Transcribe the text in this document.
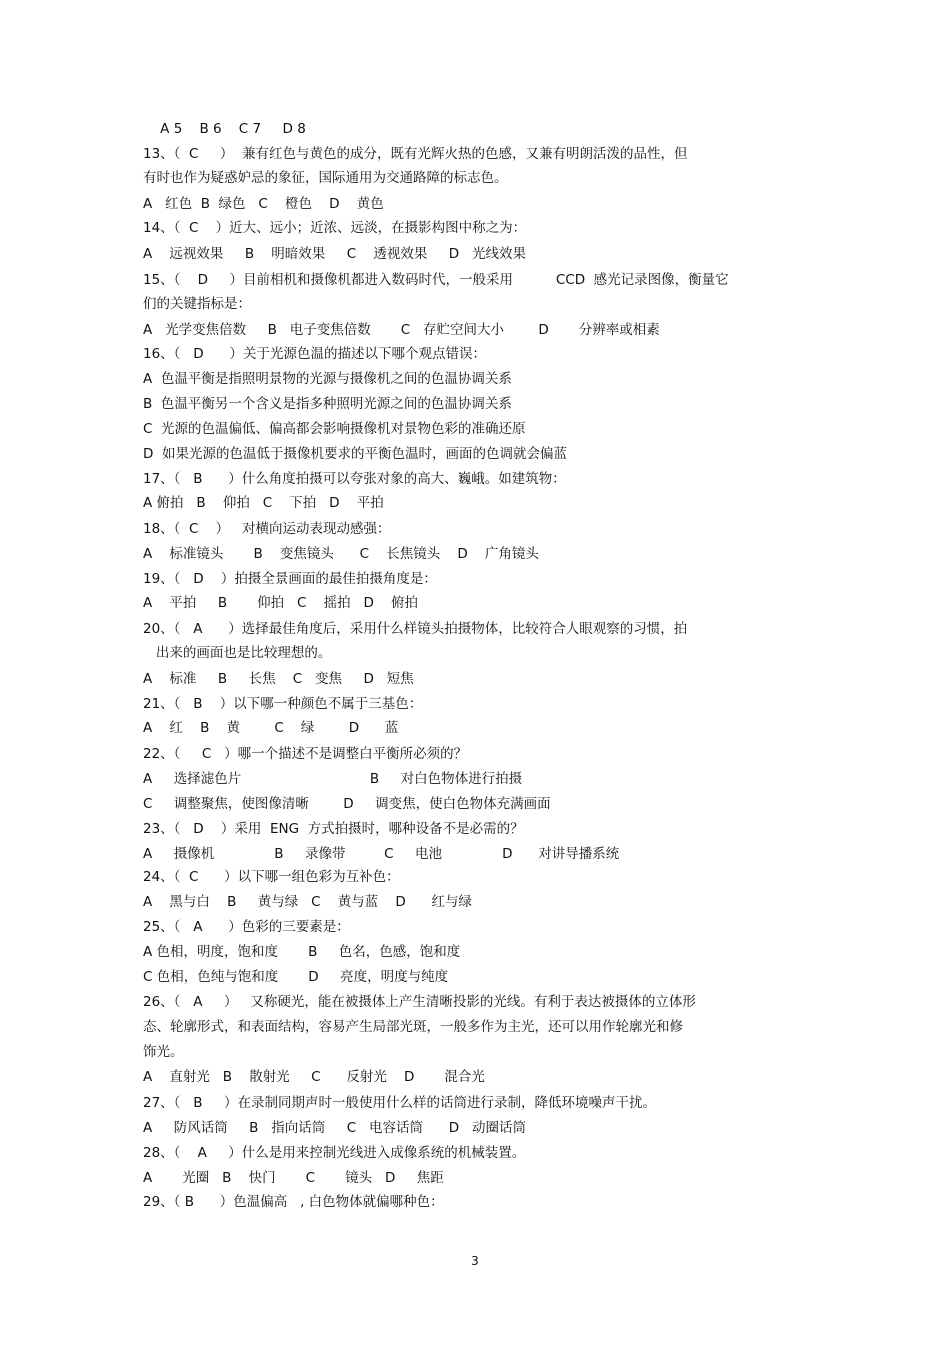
A 5    B 6    C 7     D 8

13、（  C     ）  兼有红色与黄色的成分，既有光辉火热的色感，又兼有明朗活泼的品性，但

有时也作为疑惑妒忌的象征，国际通用为交通路障的标志色。

A   红色  B  绿色   C    橙色    D    黄色

14、（  C    ）近大、远小；近浓、远淡，在摄影构图中称之为：

A    远视效果     B    明暗效果     C    透视效果     D   光线效果

15、（    D     ）目前相机和摄像机都进入数码时代，一般采用          CCD  感光记录图像，衡量它

们的关键指标是：

A   光学变焦倍数     B   电子变焦倍数       C   存贮空间大小        D       分辨率或相素

16、（   D      ）关于光源色温的描述以下哪个观点错误：

A  色温平衡是指照明景物的光源与摄像机之间的色温协调关系

B  色温平衡另一个含义是指多种照明光源之间的色温协调关系

C  光源的色温偏低、偏高都会影响摄像机对景物色彩的准确还原

D  如果光源的色温低于摄像机要求的平衡色温时，画面的色调就会偏蓝

17、（   B      ）什么角度拍摄可以夸张对象的高大、巍峨。如建筑物：

A 俯拍   B    仰拍   C    下拍   D    平拍

18、（  C    ）   对横向运动表现动感强：

A    标准镜头       B    变焦镜头      C    长焦镜头    D    广角镜头

19、（   D    ）拍摄全景画面的最佳拍摄角度是：

A    平拍     B       仰拍   C    摇拍   D    俯拍

20、（   A      ）选择最佳角度后，采用什么样镜头拍摄物体，比较符合人眼观察的习惯，拍

出来的画面也是比较理想的。

A    标准     B     长焦    C   变焦     D   短焦

21、（   B    ）以下哪一种颜色不属于三基色：

A    红    B    黄        C    绿        D      蓝

22、（     C   ）哪一个描述不是调整白平衡所必须的？

A     选择滤色片                              B     对白色物体进行拍摄

C     调整聚焦，使图像清晰        D     调变焦，使白色物体充满画面

23、（   D    ）采用  ENG  方式拍摄时，哪种设备不是必需的？

A     摄像机              B     录像带         C     电池              D      对讲导播系统

24、（  C      ）以下哪一组色彩为互补色：

A    黑与白    B     黄与绿   C    黄与蓝    D      红与绿

25、（   A      ）色彩的三要素是：

A 色相，明度，饱和度       B     色名，色感，饱和度

C 色相，色纯与饱和度       D     亮度，明度与纯度

26、（   A     ）   又称硬光，能在被摄体上产生清晰投影的光线。有利于表达被摄体的立体形

态、轮廓形式，和表面结构，容易产生局部光斑，一般多作为主光，还可以用作轮廓光和修

饰光。

A    直射光   B    散射光     C      反射光    D       混合光

27、（   B     ）在录制同期声时一般使用什么样的话筒进行录制，降低环境噪声干扰。

A     防风话筒     B   指向话筒     C   电容话筒      D   动圈话筒

28、（    A     ）什么是用来控制光线进入成像系统的机械装置。

A       光圈   B    快门       C       镜头   D     焦距

29、（ B      ）色温偏高   , 白色物体就偏哪种色：

3
